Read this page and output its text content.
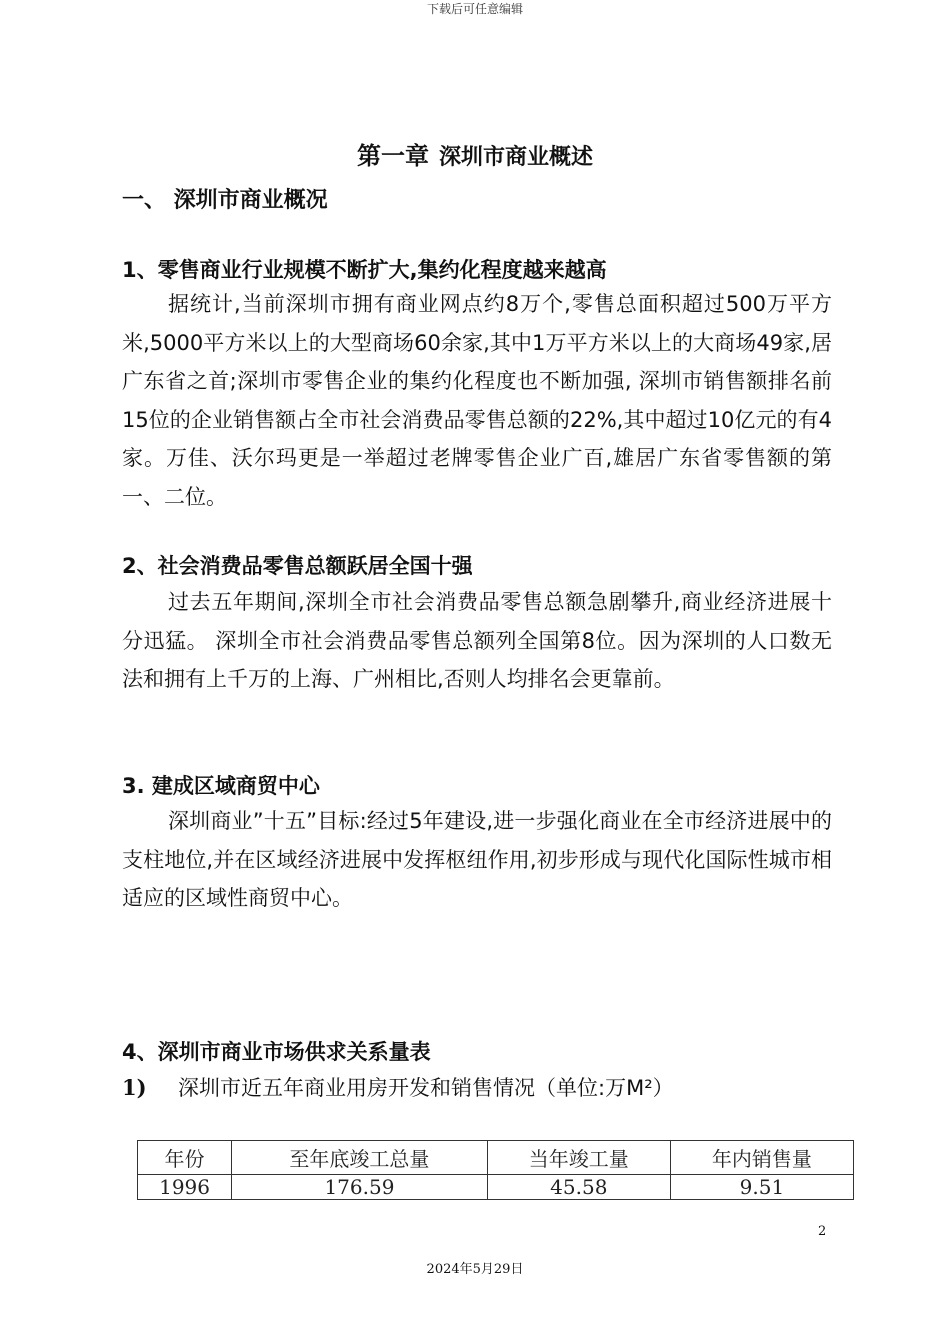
下载后可任意编辑
第一章 深圳市商业概述
一、 深圳市商业概况
1、零售商业行业规模不断扩大,集约化程度越来越高
据统计,当前深圳市拥有商业网点约8万个,零售总面积超过500万平方米,5000平方米以上的大型商场60余家,其中1万平方米以上的大商场49家,居广东省之首;深圳市零售企业的集约化程度也不断加强, 深圳市销售额排名前15位的企业销售额占全市社会消费品零售总额的22%,其中超过10亿元的有4家。万佳、沃尔玛更是一举超过老牌零售企业广百,雄居广东省零售额的第一、二位。
2、社会消费品零售总额跃居全国十强
过去五年期间,深圳全市社会消费品零售总额急剧攀升,商业经济进展十分迅猛。 深圳全市社会消费品零售总额列全国第8位。因为深圳的人口数无法和拥有上千万的上海、广州相比,否则人均排名会更靠前。
3. 建成区域商贸中心
深圳商业”十五”目标:经过5年建设,进一步强化商业在全市经济进展中的支柱地位,并在区域经济进展中发挥枢纽作用,初步形成与现代化国际性城市相适应的区域性商贸中心。
4、深圳市商业市场供求关系量表
1) 深圳市近五年商业用房开发和销售情况（单位:万M²）
年份	至年底竣工总量	当年竣工量	年内销售量
1996	176.59	45.58	9.51
2
2024年5月29日
